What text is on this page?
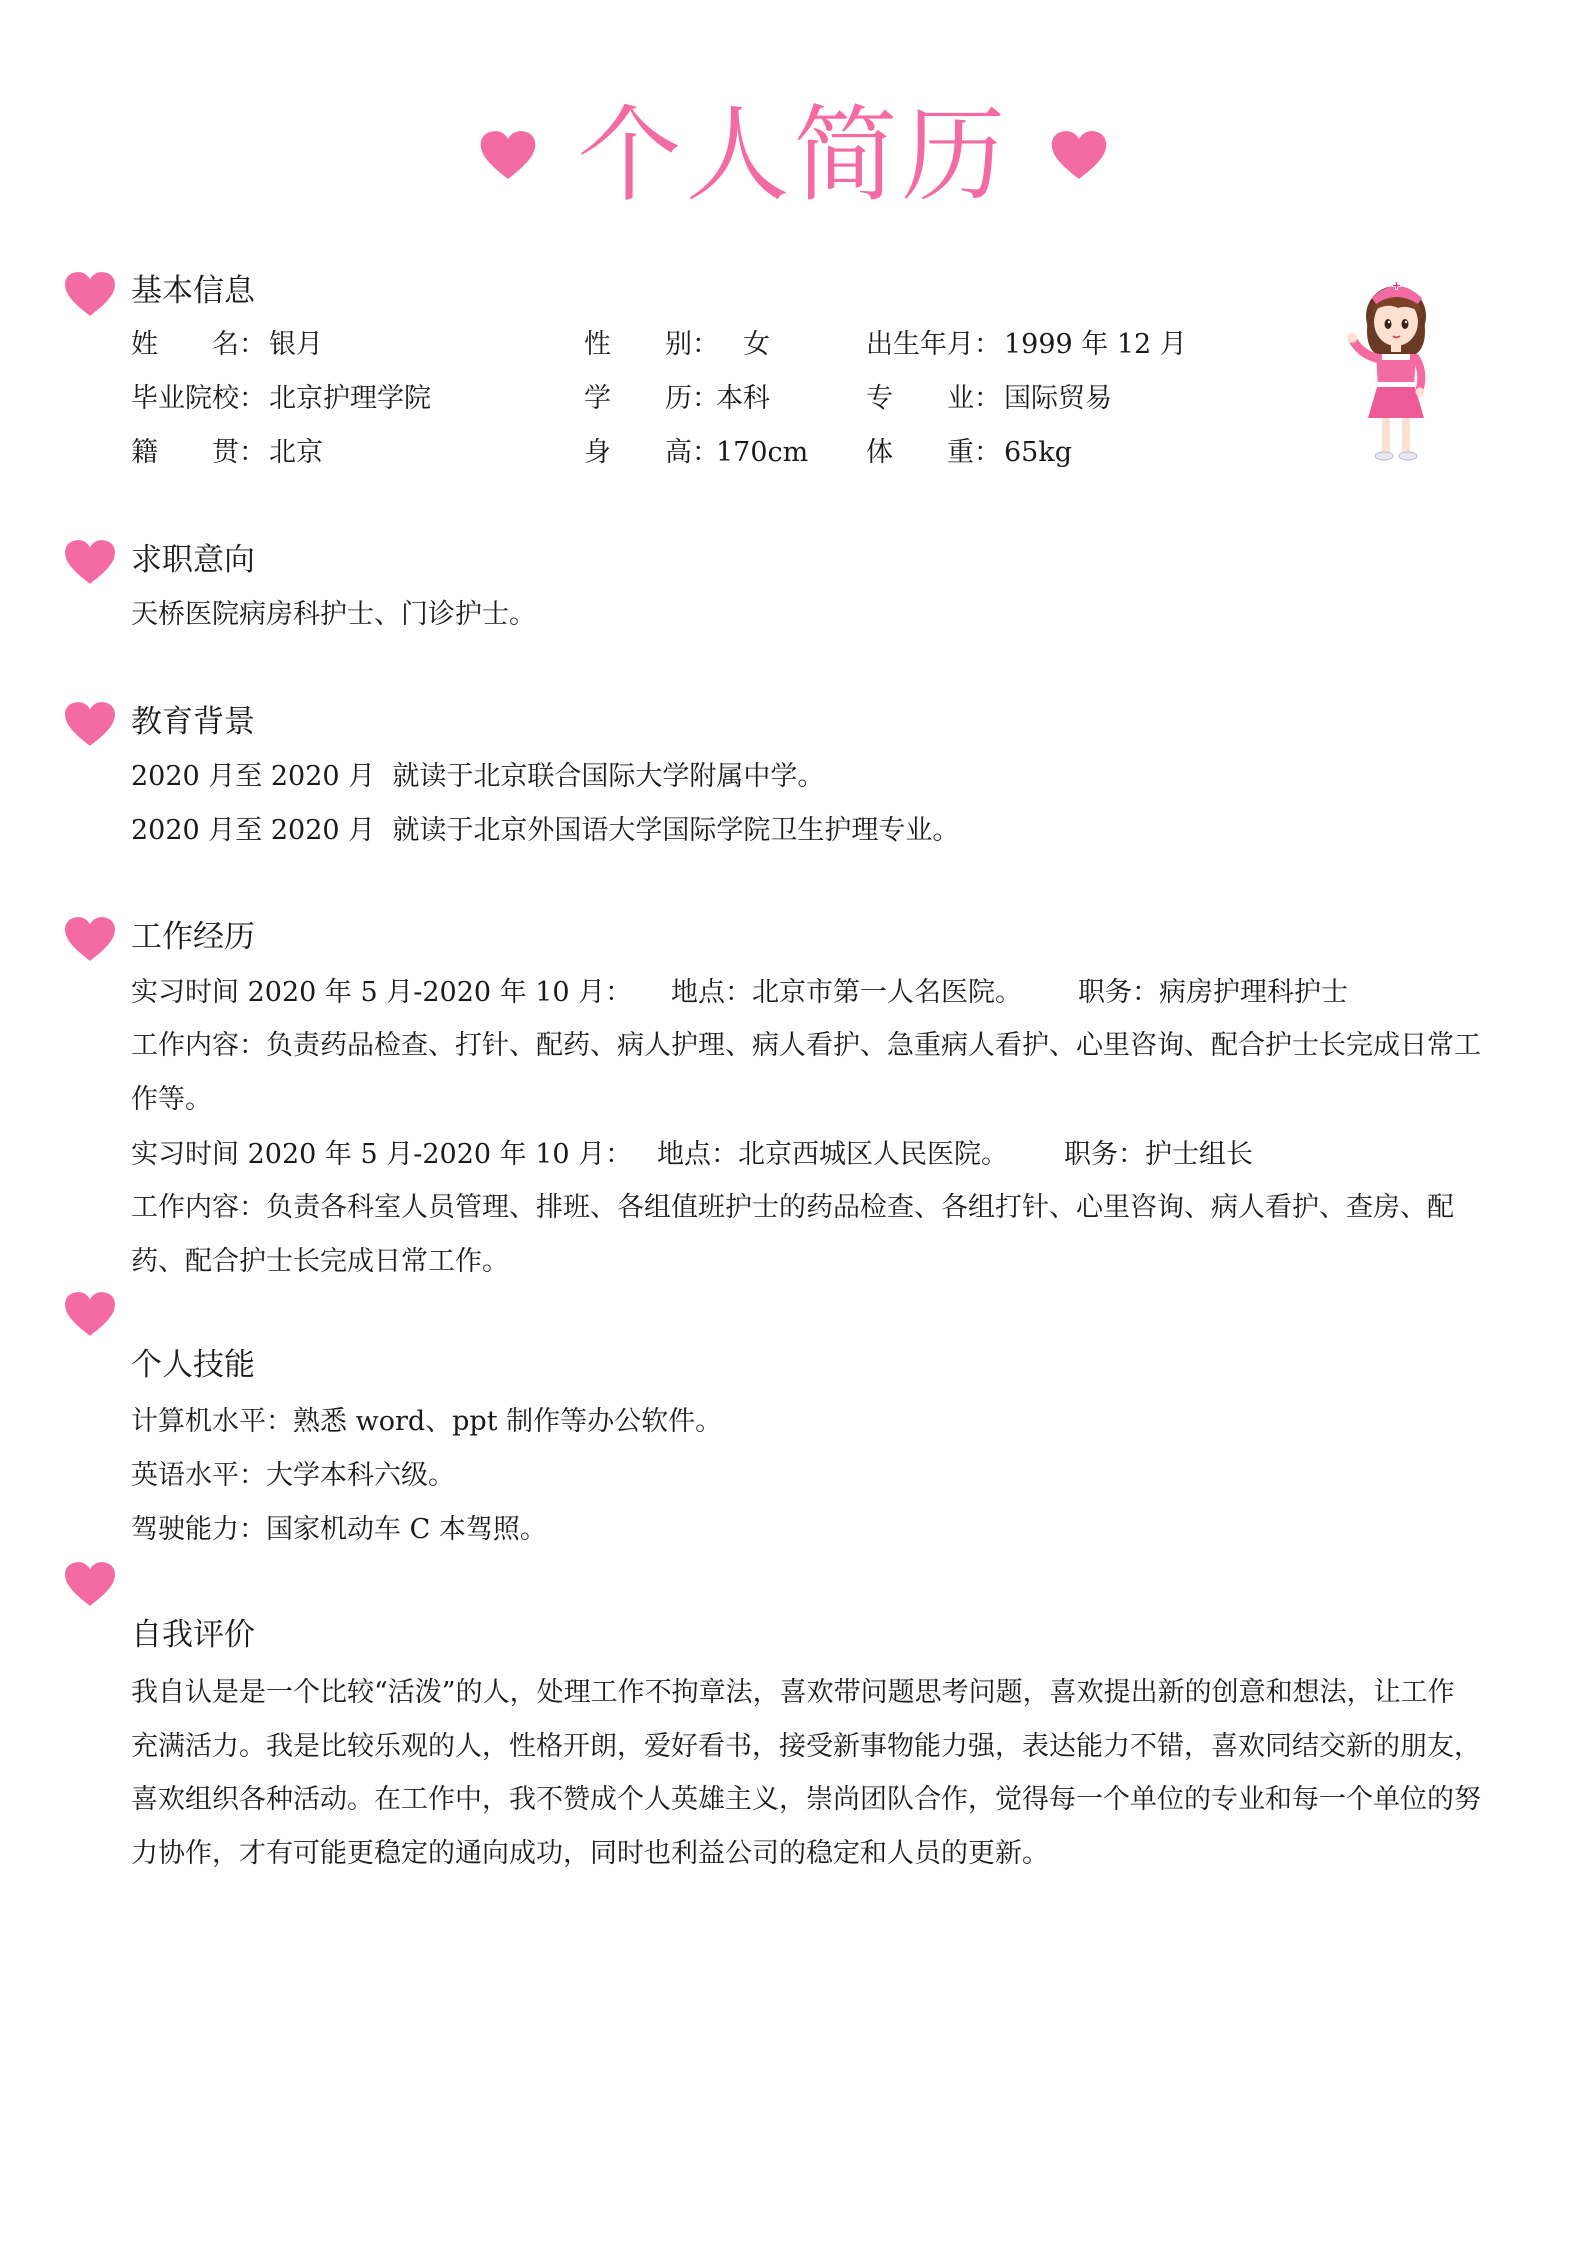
个人简历
基本信息
姓　　名： 银月	性　　别：　女	出生年月： 1999 年 12 月
毕业院校： 北京护理学院	学　　历：本科	专　　业： 国际贸易
籍　　贯： 北京	身　　高：170cm 体　　重： 65kg
求职意向
天桥医院病房科护士、门诊护士。
教育背景
2020 月至 2020 月  就读于北京联合国际大学附属中学。
2020 月至 2020 月  就读于北京外国语大学国际学院卫生护理专业。
工作经历
实习时间 2020 年 5 月-2020 年 10 月： 地点：北京市第一人名医院。 职务：病房护理科护士
工作内容：负责药品检查、打针、配药、病人护理、病人看护、急重病人看护、心里咨询、配合护士长完成日常工作等。
实习时间 2020 年 5 月-2020 年 10 月： 地点：北京西城区人民医院。 职务：护士组长
工作内容：负责各科室人员管理、排班、各组值班护士的药品检查、各组打针、心里咨询、病人看护、查房、配药、配合护士长完成日常工作。
个人技能
计算机水平：熟悉 word、ppt 制作等办公软件。
英语水平：大学本科六级。
驾驶能力：国家机动车 C 本驾照。
自我评价
我自认是是一个比较“活泼”的人，处理工作不拘章法，喜欢带问题思考问题，喜欢提出新的创意和想法，让工作充满活力。我是比较乐观的人，性格开朗，爱好看书，接受新事物能力强，表达能力不错，喜欢同结交新的朋友，喜欢组织各种活动。在工作中，我不赞成个人英雄主义，崇尚团队合作，觉得每一个单位的专业和每一个单位的努力协作，才有可能更稳定的通向成功，同时也利益公司的稳定和人员的更新。
